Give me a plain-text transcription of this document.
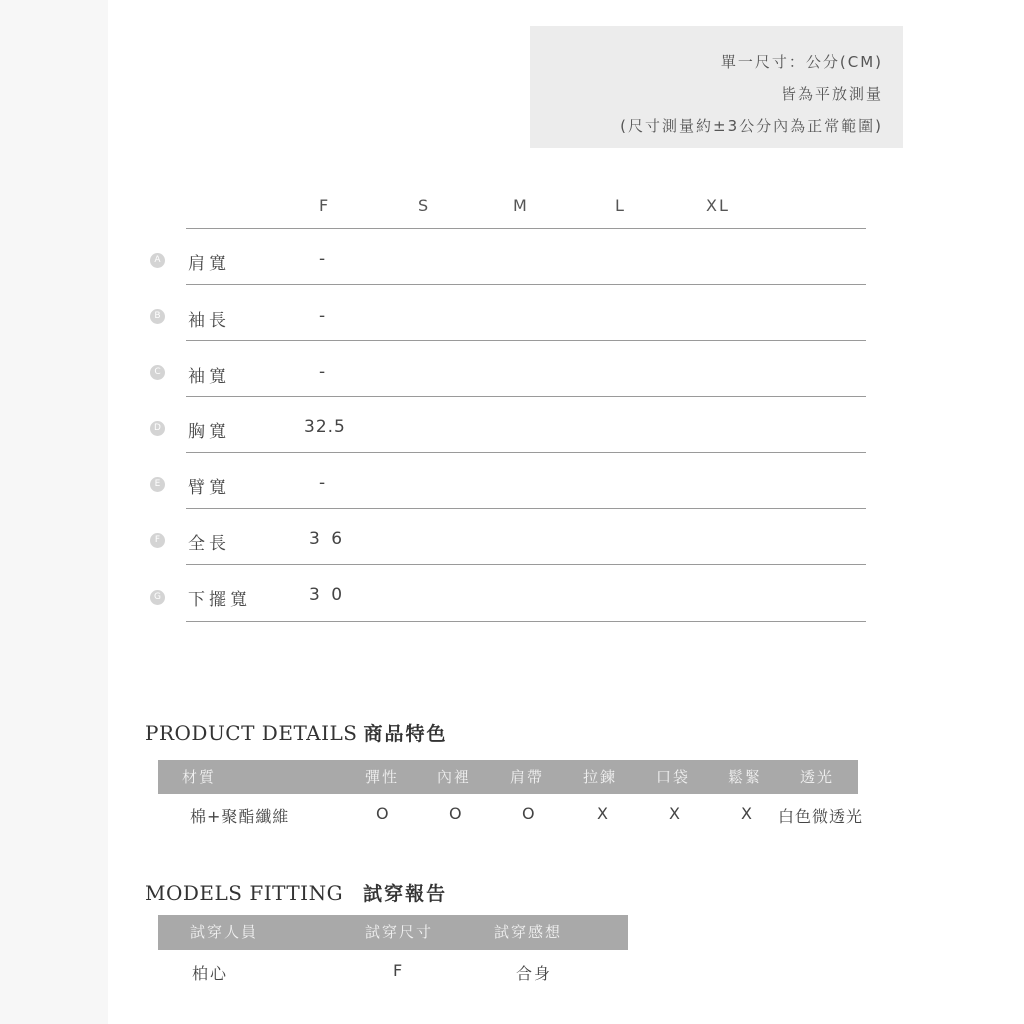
單一尺寸：公分(CM)
皆為平放測量
(尺寸測量約±3公分內為正常範圍)
F	S	M	L	XL
A 肩寬	-
B 袖長	-
C 袖寬	-
D 胸寬	32.5
E 臂寬	-
F 全長	3 6
G 下擺寬	3 0
PRODUCT DETAILS 商品特色
材質	彈性	內裡	肩帶	拉鍊	口袋	鬆緊	透光
棉+聚酯纖維	O	O	O	X	X	X 白色微透光
MODELS FITTING 試穿報告
試穿人員	試穿尺寸	試穿感想
柏心	F	合身
